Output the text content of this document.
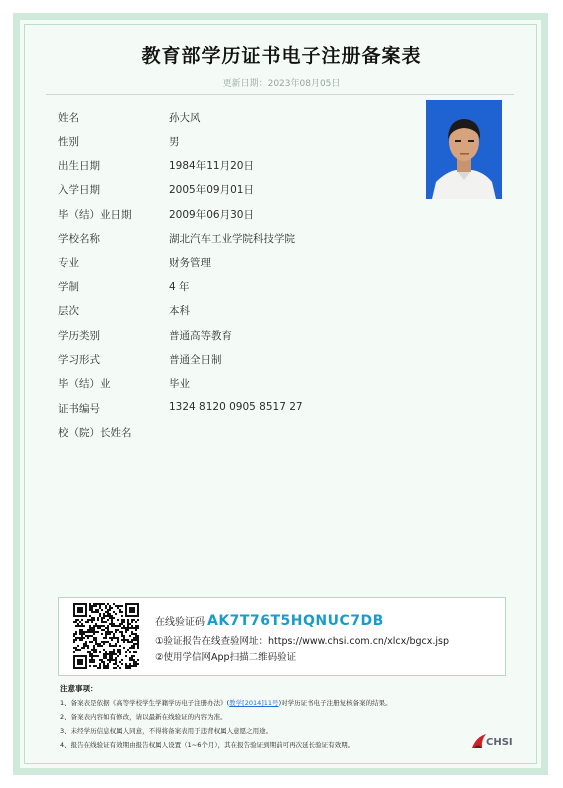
教育部学历证书电子注册备案表
更新日期：2023年08月05日
姓名	孙大风
性别	男
出生日期	1984年11月20日
入学日期	2005年09月01日
毕（结）业日期	2009年06月30日
学校名称	湖北汽车工业学院科技学院
专业	财务管理
学制	4 年
层次	本科
学历类别	普通高等教育
学习形式	普通全日制
毕（结）业	毕业
证书编号	1324 8120 0905 8517 27
校（院）长姓名
在线验证码 AK7T76T5HQNUC7DB
①验证报告在线查验网址：https://www.chsi.com.cn/xlcx/bgcx.jsp
②使用学信网App扫描二维码验证
注意事项：
1、备案表是依据《高等学校学生学籍学历电子注册办法》(教学[2014]11号)对学历证书电子注册复核备案的结果。
2、备案表内容如有修改，请以最新在线验证的内容为准。
3、未经学历信息权属人同意，不得将备案表用于违背权属人意愿之用途。
4、报告在线验证有效期由报告权属人设置（1~6个月），其在报告验证到期前可再次延长验证有效期。	CHSI
